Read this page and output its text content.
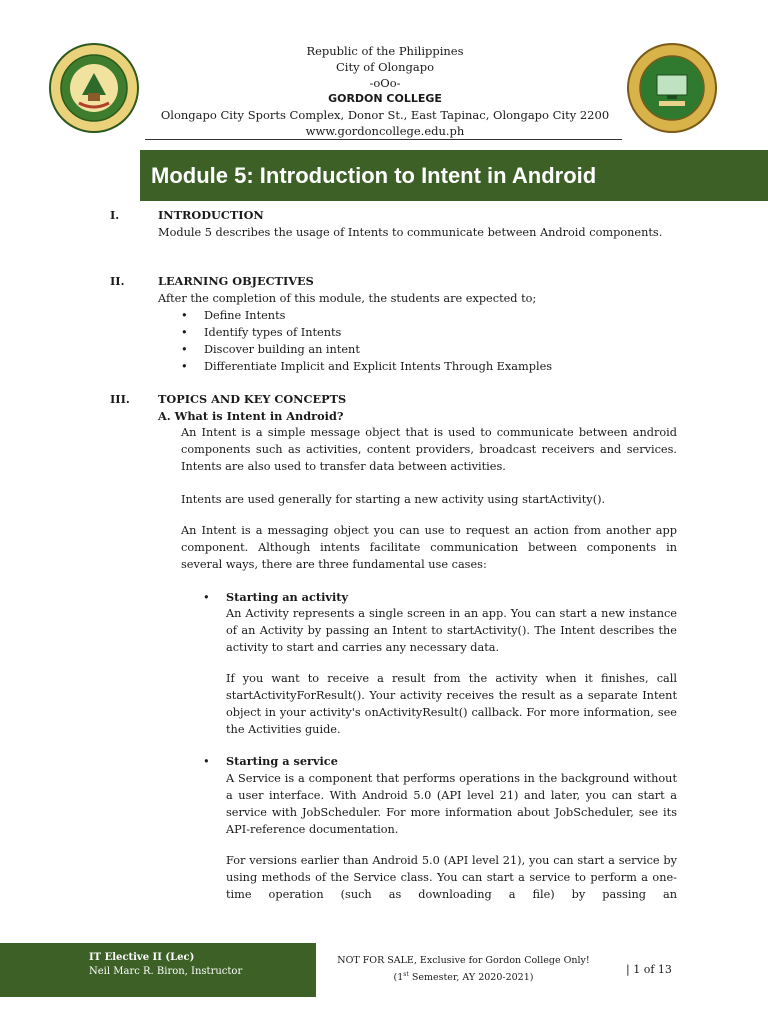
Republic of the Philippines
City of Olongapo
-oOo-
GORDON COLLEGE
Olongapo City Sports Complex, Donor St., East Tapinac, Olongapo City 2200
www.gordoncollege.edu.ph
Module 5: Introduction to Intent in Android
I.	INTRODUCTION
Module 5 describes the usage of Intents to communicate between Android components.
II.	LEARNING OBJECTIVES
After the completion of this module, the students are expected to;
• Define Intents
• Identify types of Intents
• Discover building an intent
• Differentiate Implicit and Explicit Intents Through Examples
III. TOPICS AND KEY CONCEPTS
A. What is Intent in Android?
An Intent is a simple message object that is used to communicate between android components such as activities, content providers, broadcast receivers and services. Intents are also used to transfer data between activities.
Intents are used generally for starting a new activity using startActivity().
An Intent is a messaging object you can use to request an action from another app component. Although intents facilitate communication between components in several ways, there are three fundamental use cases:
• Starting an activity
An Activity represents a single screen in an app. You can start a new instance of an Activity by passing an Intent to startActivity(). The Intent describes the activity to start and carries any necessary data.
If you want to receive a result from the activity when it finishes, call startActivityForResult(). Your activity receives the result as a separate Intent object in your activity's onActivityResult() callback. For more information, see the Activities guide.
• Starting a service
A Service is a component that performs operations in the background without a user interface. With Android 5.0 (API level 21) and later, you can start a service with JobScheduler. For more information about JobScheduler, see its API-reference documentation.
For versions earlier than Android 5.0 (API level 21), you can start a service by using methods of the Service class. You can start a service to perform a one-time operation (such as downloading a file) by passing an
IT Elective II (Lec)
Neil Marc R. Biron, Instructor
NOT FOR SALE, Exclusive for Gordon College Only!
(1st Semester, AY 2020-2021)
| 1 of 13
